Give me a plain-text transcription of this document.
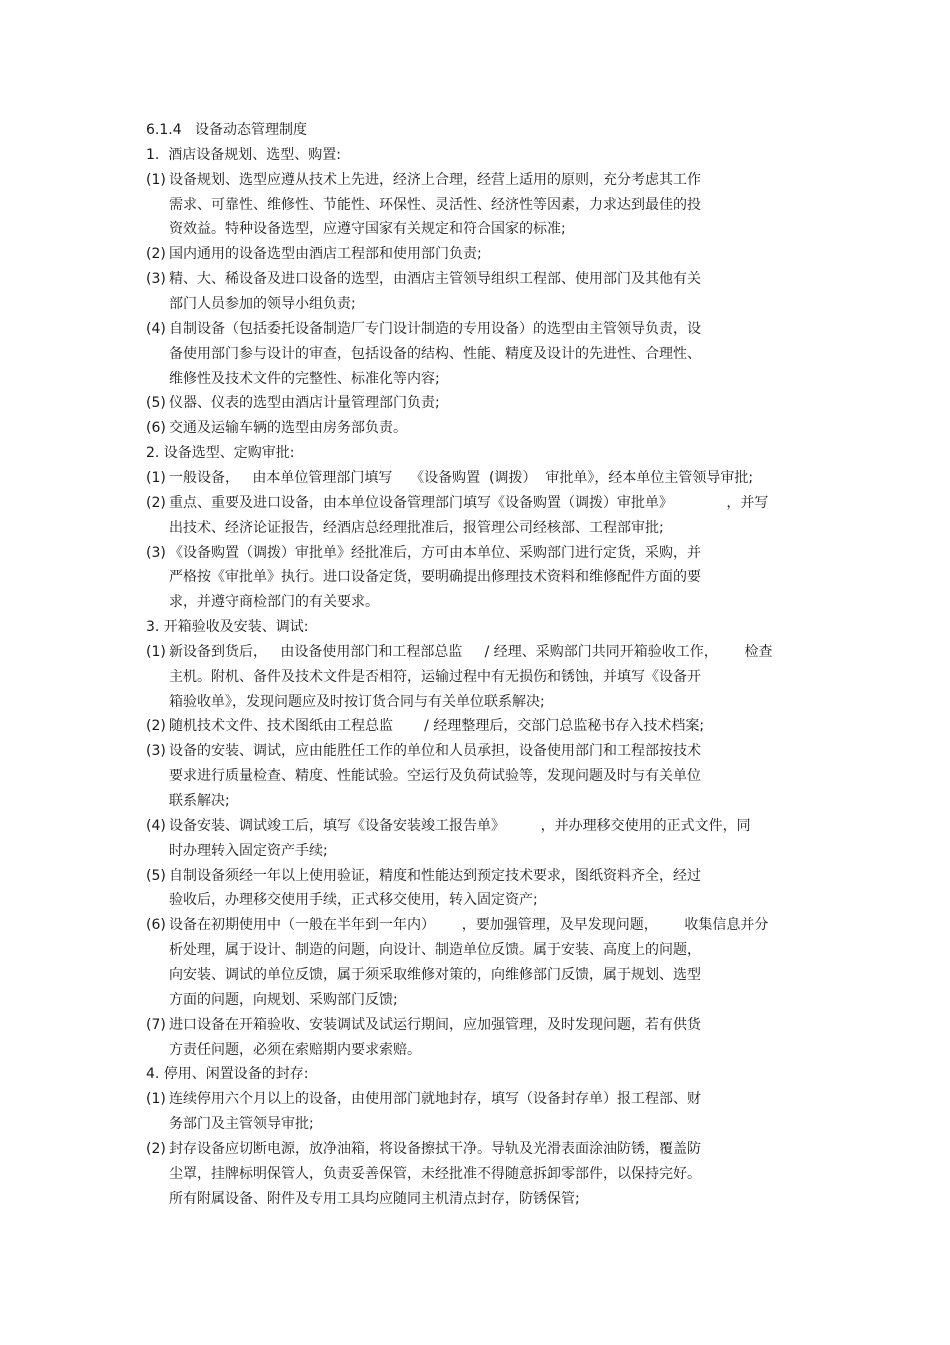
6.1.4   设备动态管理制度
1.  酒店设备规划、选型、购置:
(1) 设备规划、选型应遵从技术上先进，经济上合理，经营上适用的原则，充分考虑其工作
需求、可靠性、维修性、节能性、环保性、灵活性、经济性等因素，力求达到最佳的投
资效益。特种设备选型，应遵守国家有关规定和符合国家的标准;
(2) 国内通用的设备选型由酒店工程部和使用部门负责;
(3) 精、大、稀设备及进口设备的选型，由酒店主管领导组织工程部、使用部门及其他有关
部门人员参加的领导小组负责;
(4) 自制设备（包括委托设备制造厂专门设计制造的专用设备）的选型由主管领导负责，设
备使用部门参与设计的审查，包括设备的结构、性能、精度及设计的先进性、合理性、
维修性及技术文件的完整性、标准化等内容;
(5) 仪器、仪表的选型由酒店计量管理部门负责;
(6) 交通及运输车辆的选型由房务部负责。
2. 设备选型、定购审批:
(1) 一般设备，   由本单位管理部门填写    《设备购置  (调拨）  审批单》，经本单位主管领导审批;
(2) 重点、重要及进口设备，由本单位设备管理部门填写《设备购置（调拨）审批单》            ，并写
出技术、经济论证报告，经酒店总经理批准后，报管理公司经核部、工程部审批;
(3) 《设备购置（调拨）审批单》经批准后，方可由本单位、采购部门进行定货，采购，并
严格按《审批单》执行。进口设备定货，要明确提出修理技术资料和维修配件方面的要
求，并遵守商检部门的有关要求。
3. 开箱验收及安装、调试:
(1) 新设备到货后，   由设备使用部门和工程部总监     / 经理、采购部门共同开箱验收工作，      检查
主机。附机、备件及技术文件是否相符，运输过程中有无损伤和锈蚀，并填写《设备开
箱验收单》，发现问题应及时按订货合同与有关单位联系解决;
(2) 随机技术文件、技术图纸由工程总监       / 经理整理后，交部门总监秘书存入技术档案;
(3) 设备的安装、调试，应由能胜任工作的单位和人员承担，设备使用部门和工程部按技术
要求进行质量检查、精度、性能试验。空运行及负荷试验等，发现问题及时与有关单位
联系解决;
(4) 设备安装、调试竣工后，填写《设备安装竣工报告单》        ，并办理移交使用的正式文件，同
时办理转入固定资产手续;
(5) 自制设备须经一年以上使用验证，精度和性能达到预定技术要求，图纸资料齐全，经过
验收后，办理移交使用手续，正式移交使用，转入固定资产;
(6) 设备在初期使用中（一般在半年到一年内）      ，要加强管理，及早发现问题，      收集信息并分
析处理，属于设计、制造的问题，向设计、制造单位反馈。属于安装、高度上的问题，
向安装、调试的单位反馈，属于须采取维修对策的，向维修部门反馈，属于规划、选型
方面的问题，向规划、采购部门反馈;
(7) 进口设备在开箱验收、安装调试及试运行期间，应加强管理，及时发现问题，若有供货
方责任问题，必须在索赔期内要求索赔。
4. 停用、闲置设备的封存:
(1) 连续停用六个月以上的设备，由使用部门就地封存，填写（设备封存单）报工程部、财
务部门及主管领导审批;
(2) 封存设备应切断电源，放净油箱，将设备擦拭干净。导轨及光滑表面涂油防锈，覆盖防
尘罩，挂牌标明保管人，负责妥善保管，未经批准不得随意拆卸零部件，以保持完好。
所有附属设备、附件及专用工具均应随同主机清点封存，防锈保管;
